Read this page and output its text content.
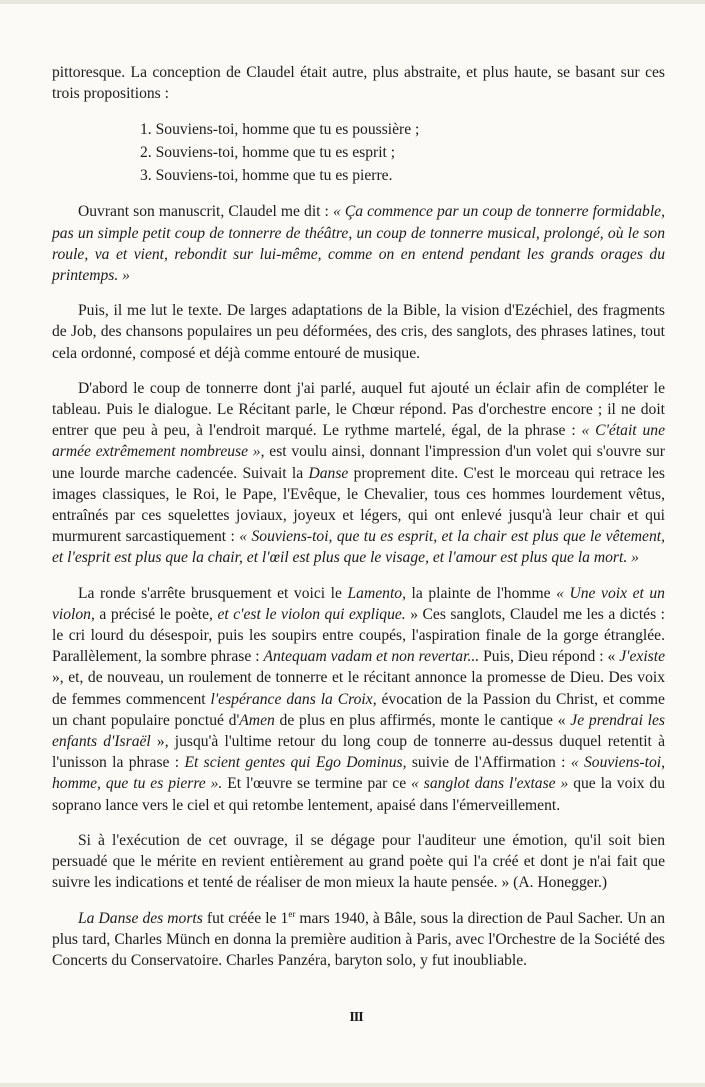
pittoresque. La conception de Claudel était autre, plus abstraite, et plus haute, se basant sur ces trois propositions :

1. Souviens-toi, homme que tu es poussière ;
2. Souviens-toi, homme que tu es esprit ;
3. Souviens-toi, homme que tu es pierre.

Ouvrant son manuscrit, Claudel me dit : « Ça commence par un coup de tonnerre formidable, pas un simple petit coup de tonnerre de théâtre, un coup de tonnerre musical, prolongé, où le son roule, va et vient, rebondit sur lui-même, comme on en entend pendant les grands orages du printemps. »

Puis, il me lut le texte. De larges adaptations de la Bible, la vision d'Ezéchiel, des fragments de Job, des chansons populaires un peu déformées, des cris, des sanglots, des phrases latines, tout cela ordonné, composé et déjà comme entouré de musique.

D'abord le coup de tonnerre dont j'ai parlé, auquel fut ajouté un éclair afin de compléter le tableau. Puis le dialogue. Le Récitant parle, le Chœur répond. Pas d'orchestre encore ; il ne doit entrer que peu à peu, à l'endroit marqué. Le rythme martelé, égal, de la phrase : « C'était une armée extrêmement nombreuse », est voulu ainsi, donnant l'impression d'un volet qui s'ouvre sur une lourde marche cadencée. Suivait la Danse proprement dite. C'est le morceau qui retrace les images classiques, le Roi, le Pape, l'Evêque, le Chevalier, tous ces hommes lourdement vêtus, entraînés par ces squelettes joviaux, joyeux et légers, qui ont enlevé jusqu'à leur chair et qui murmurent sarcastiquement : « Souviens-toi, que tu es esprit, et la chair est plus que le vêtement, et l'esprit est plus que la chair, et l'œil est plus que le visage, et l'amour est plus que la mort. »

La ronde s'arrête brusquement et voici le Lamento, la plainte de l'homme « Une voix et un violon, a précisé le poète, et c'est le violon qui explique. » Ces sanglots, Claudel me les a dictés : le cri lourd du désespoir, puis les soupirs entre coupés, l'aspiration finale de la gorge étranglée. Parallèlement, la sombre phrase : Antequam vadam et non revertar... Puis, Dieu répond : « J'existe », et, de nouveau, un roulement de tonnerre et le récitant annonce la promesse de Dieu. Des voix de femmes commencent l'espérance dans la Croix, évocation de la Passion du Christ, et comme un chant populaire ponctué d'Amen de plus en plus affirmés, monte le cantique « Je prendrai les enfants d'Israël », jusqu'à l'ultime retour du long coup de tonnerre au-dessus duquel retentit à l'unisson la phrase : Et scient gentes qui Ego Dominus, suivie de l'Affirmation : « Souviens-toi, homme, que tu es pierre ». Et l'œuvre se termine par ce « sanglot dans l'extase » que la voix du soprano lance vers le ciel et qui retombe lentement, apaisé dans l'émerveillement.

Si à l'exécution de cet ouvrage, il se dégage pour l'auditeur une émotion, qu'il soit bien persuadé que le mérite en revient entièrement au grand poète qui l'a créé et dont je n'ai fait que suivre les indications et tenté de réaliser de mon mieux la haute pensée. » (A. Honegger.)

La Danse des morts fut créée le 1er mars 1940, à Bâle, sous la direction de Paul Sacher. Un an plus tard, Charles Münch en donna la première audition à Paris, avec l'Orchestre de la Société des Concerts du Conservatoire. Charles Panzéra, baryton solo, y fut inoubliable.

III
